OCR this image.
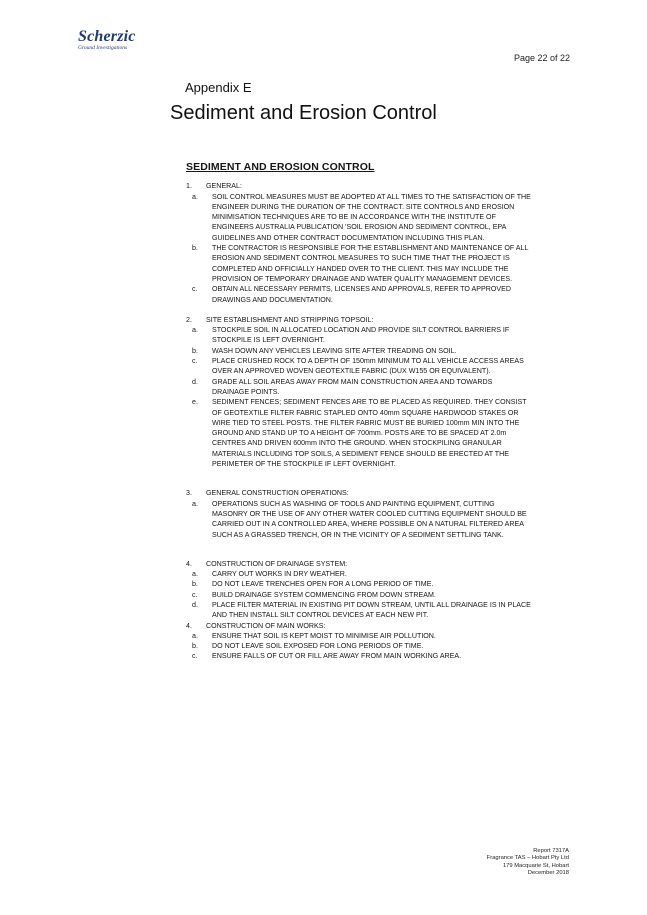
Scherzic
Ground Investigations
Page 22 of 22
Appendix E
Sediment and Erosion Control
SEDIMENT AND EROSION CONTROL
1.	GENERAL:
a.	SOIL CONTROL MEASURES MUST BE ADOPTED AT ALL TIMES TO THE SATISFACTION OF THE ENGINEER DURING THE DURATION OF THE CONTRACT. SITE CONTROLS AND EROSION MINIMISATION TECHNIQUES ARE TO BE IN ACCORDANCE WITH THE INSTITUTE OF ENGINEERS AUSTRALIA PUBLICATION 'SOIL EROSION AND SEDIMENT CONTROL, EPA GUIDELINES AND OTHER CONTRACT DOCUMENTATION INCLUDING THIS PLAN.
b.	THE CONTRACTOR IS RESPONSIBLE FOR THE ESTABLISHMENT AND MAINTENANCE OF ALL EROSION AND SEDIMENT CONTROL MEASURES TO SUCH TIME THAT THE PROJECT IS COMPLETED AND OFFICIALLY HANDED OVER TO THE CLIENT. THIS MAY INCLUDE THE PROVISION OF TEMPORARY DRAINAGE AND WATER QUALITY MANAGEMENT DEVICES.
c.	OBTAIN ALL NECESSARY PERMITS, LICENSES AND APPROVALS, REFER TO APPROVED DRAWINGS AND DOCUMENTATION.
2.	SITE ESTABLISHMENT AND STRIPPING TOPSOIL:
a.	STOCKPILE SOIL IN ALLOCATED LOCATION AND PROVIDE SILT CONTROL BARRIERS IF STOCKPILE IS LEFT OVERNIGHT.
b.	WASH DOWN ANY VEHICLES LEAVING SITE AFTER TREADING ON SOIL.
c.	PLACE CRUSHED ROCK TO A DEPTH OF 150mm MINIMUM TO ALL VEHICLE ACCESS AREAS OVER AN APPROVED WOVEN GEOTEXTILE FABRIC (DUX W155 OR EQUIVALENT).
d.	GRADE ALL SOIL AREAS AWAY FROM MAIN CONSTRUCTION AREA AND TOWARDS DRAINAGE POINTS.
e.	SEDIMENT FENCES; SEDIMENT FENCES ARE TO BE PLACED AS REQUIRED. THEY CONSIST OF GEOTEXTILE FILTER FABRIC STAPLED ONTO 40mm SQUARE HARDWOOD STAKES OR WIRE TIED TO STEEL POSTS. THE FILTER FABRIC MUST BE BURIED 100mm MIN INTO THE GROUND AND STAND UP TO A HEIGHT OF 700mm. POSTS ARE TO BE SPACED AT 2.0m CENTRES AND DRIVEN 600mm INTO THE GROUND. WHEN STOCKPILING GRANULAR MATERIALS INCLUDING TOP SOILS, A SEDIMENT FENCE SHOULD BE ERECTED AT THE PERIMETER OF THE STOCKPILE IF LEFT OVERNIGHT.
3.	GENERAL CONSTRUCTION OPERATIONS:
a.	OPERATIONS SUCH AS WASHING OF TOOLS AND PAINTING EQUIPMENT, CUTTING MASONRY OR THE USE OF ANY OTHER WATER COOLED CUTTING EQUIPMENT SHOULD BE CARRIED OUT IN A CONTROLLED AREA, WHERE POSSIBLE ON A NATURAL FILTERED AREA SUCH AS A GRASSED TRENCH, OR IN THE VICINITY OF A SEDIMENT SETTLING TANK.
4.	CONSTRUCTION OF DRAINAGE SYSTEM:
a.	CARRY OUT WORKS IN DRY WEATHER.
b.	DO NOT LEAVE TRENCHES OPEN FOR A LONG PERIOD OF TIME.
c.	BUILD DRAINAGE SYSTEM COMMENCING FROM DOWN STREAM.
d.	PLACE FILTER MATERIAL IN EXISTING PIT DOWN STREAM, UNTIL ALL DRAINAGE IS IN PLACE AND THEN INSTALL SILT CONTROL DEVICES AT EACH NEW PIT.
4.	CONSTRUCTION OF MAIN WORKS:
a.	ENSURE THAT SOIL IS KEPT MOIST TO MINIMISE AIR POLLUTION.
b.	DO NOT LEAVE SOIL EXPOSED FOR LONG PERIODS OF TIME.
c.	ENSURE FALLS OF CUT OR FILL ARE AWAY FROM MAIN WORKING AREA.
Report 7317A
Fragrance TAS – Hobart Pty Ltd
179 Macquarie St, Hobart
December 2018
